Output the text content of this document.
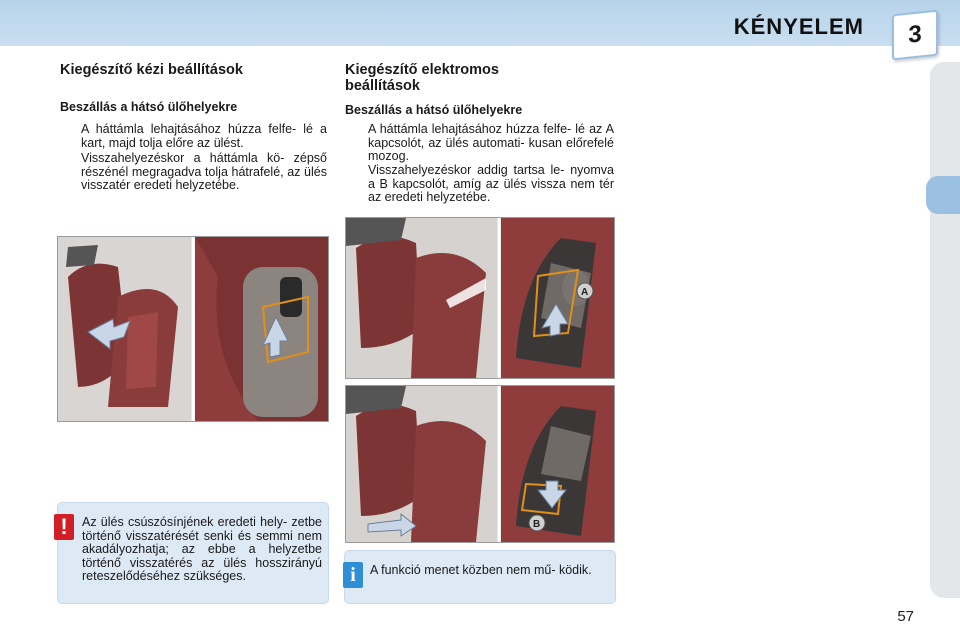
KÉNYELEM	3
Kiegészítő kézi beállítások
Beszállás a hátsó ülőhelyekre
A háttámla lehajtásához húzza felfe- lé a kart, majd tolja előre az ülést.
Visszahelyezéskor a háttámla kö- zépső részénél megragadva tolja hátrafelé, az ülés visszatér eredeti helyzetébe.
!	Az ülés csúszósínjének eredeti hely- zetbe történő visszatérését senki és semmi nem akadályozhatja; az ebbe a helyzetbe történő visszatérés az ülés hosszirányú reteszelődéséhez szükséges.
Kiegészítő elektromos
beállítások
Beszállás a hátsó ülőhelyekre
A háttámla lehajtásához húzza felfe- lé az A kapcsolót, az ülés automati- kusan előrefelé mozog.
Visszahelyezéskor addig tartsa le- nyomva a B kapcsolót, amíg az ülés vissza nem tér az eredeti helyzetébe.
A
B
i	A funkció menet közben nem mű- ködik.
57
